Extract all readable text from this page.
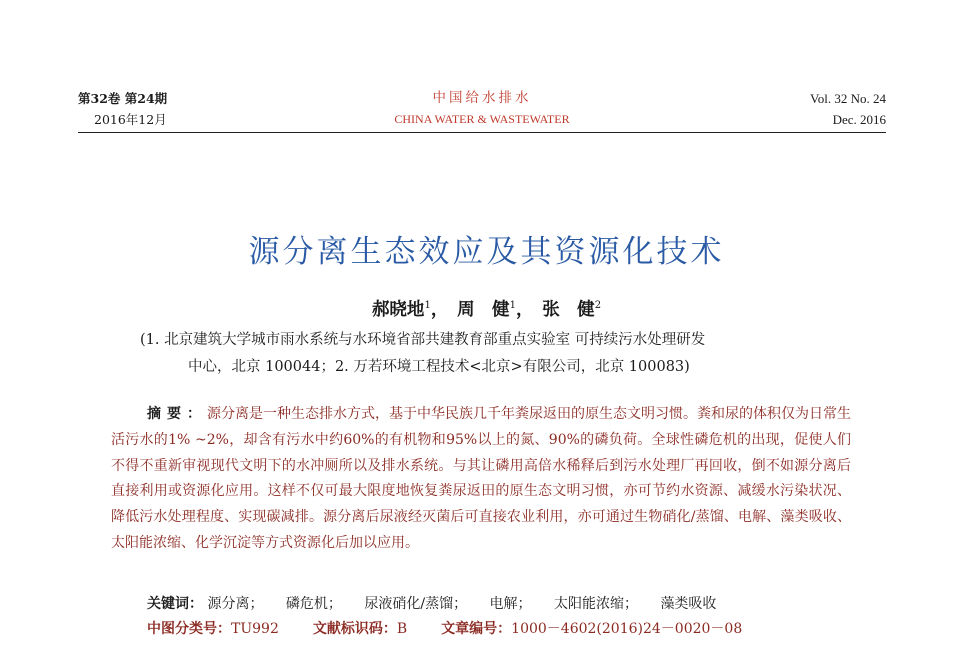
第32卷 第24期
2016年12月
中国给水排水
CHINA WATER & WASTEWATER
Vol. 32 No. 24
Dec. 2016
源分离生态效应及其资源化技术
郝晓地$^1$，　周　健$^1$，　张　健$^2$
(1. 北京建筑大学城市雨水系统与水环境省部共建教育部重点实验室 可持续污水处理研发
中心，北京 100044；2. 万若环境工程技术<北京>有限公司，北京 100083)
摘要：源分离是一种生态排水方式，基于中华民族几千年粪尿返田的原生态文明习惯。粪和尿的体积仅为日常生活污水的1% ~2%，却含有污水中约60%的有机物和95%以上的氮、90%的磷负荷。全球性磷危机的出现，促使人们不得不重新审视现代文明下的水冲厕所以及排水系统。与其让磷用高倍水稀释后到污水处理厂再回收，倒不如源分离后直接利用或资源化应用。这样不仅可最大限度地恢复粪尿返田的原生态文明习惯，亦可节约水资源、减缓水污染状况、降低污水处理程度、实现碳减排。源分离后尿液经灭菌后可直接农业利用，亦可通过生物硝化/蒸馏、电解、藻类吸收、太阳能浓缩、化学沉淀等方式资源化后加以应用。
关键词： 源分离； 磷危机； 尿液硝化/蒸馏； 电解； 太阳能浓缩； 藻类吸收
中图分类号：TU992 文献标识码：B 文章编号：1000－4602(2016)24－0020－08
